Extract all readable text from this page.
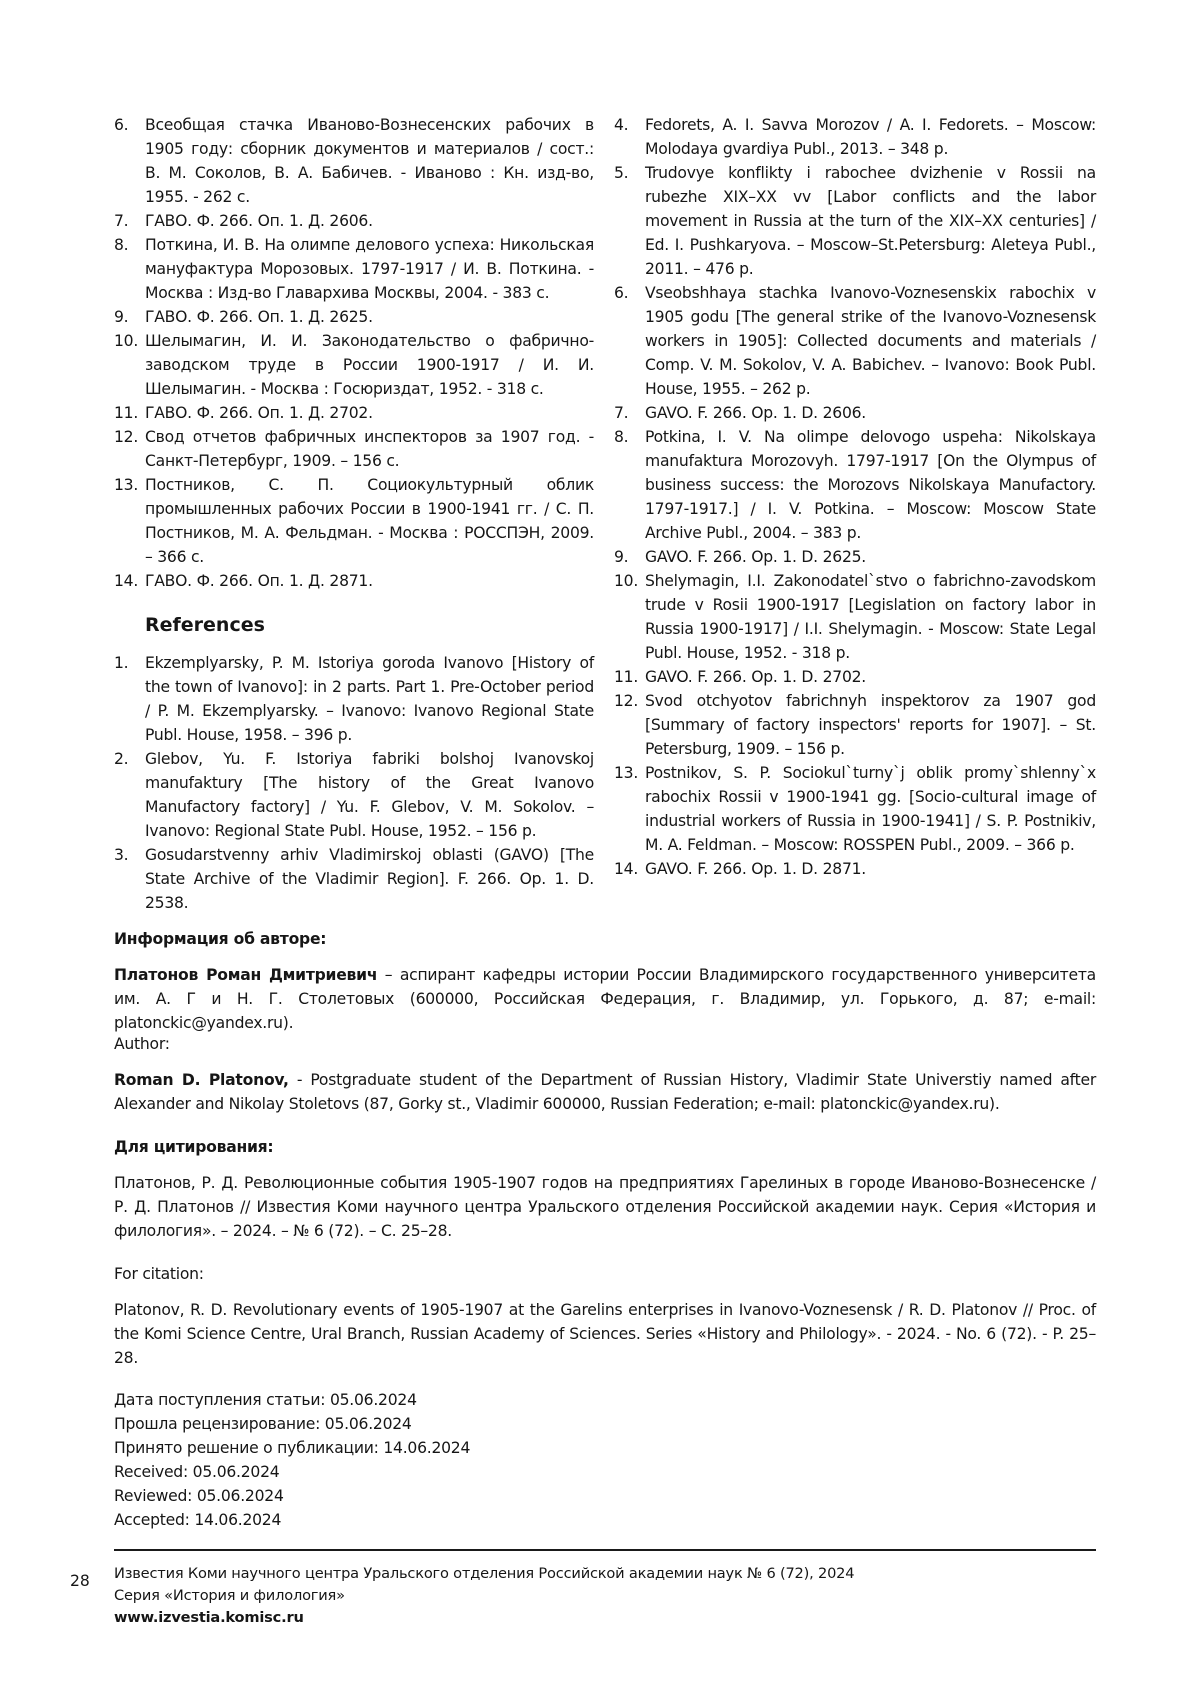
6.	Всеобщая стачка Иваново-Вознесенских рабочих в 1905 году: сборник документов и материалов / сост.: В. М. Соколов, В. А. Бабичев. - Иваново : Кн. изд-во, 1955. - 262 с.
7.	ГАВО. Ф. 266. Оп. 1. Д. 2606.
8.	Поткина, И. В. На олимпе делового успеха: Никольская мануфактура Морозовых. 1797-1917 / И. В. Поткина. - Москва : Изд-во Главархива Москвы, 2004. - 383 с.
9.	ГАВО. Ф. 266. Оп. 1. Д. 2625.
10. Шелымагин, И. И. Законодательство о фабрично-заводском труде в России 1900-1917 / И. И. Шелымагин. - Москва : Госюриздат, 1952. - 318 с.
11. ГАВО. Ф. 266. Оп. 1. Д. 2702.
12. Свод отчетов фабричных инспекторов за 1907 год. - Санкт-Петербург, 1909. – 156 с.
13. Постников, С. П. Социокультурный облик промышленных рабочих России в 1900-1941 гг. / С. П. Постников, М. А. Фельдман. - Москва : РОССПЭН, 2009. – 366 с.
14. ГАВО. Ф. 266. Оп. 1. Д. 2871.
References
1.	Ekzemplyarsky, P. M. Istoriya goroda Ivanovo [History of the town of Ivanovo]: in 2 parts. Part 1. Pre-October period / P. M. Ekzemplyarsky. – Ivanovo: Ivanovo Regional State Publ. House, 1958. – 396 p.
2.	Glebov, Yu. F. Istoriya fabriki bolshoj Ivanovskoj manufaktury [The history of the Great Ivanovo Manufactory factory] / Yu. F. Glebov, V. M. Sokolov. – Ivanovo: Regional State Publ. House, 1952. – 156 p.
3.	Gosudarstvenny arhiv Vladimirskoj oblasti (GAVO) [The State Archive of the Vladimir Region]. F. 266. Op. 1. D. 2538.
4.	Fedorets, A. I. Savva Morozov / A. I. Fedorets. – Moscow: Molodaya gvardiya Publ., 2013. – 348 p.
5.	Trudovye konflikty i rabochee dvizhenie v Rossii na rubezhe XIX–XX vv [Labor conflicts and the labor movement in Russia at the turn of the XIX–XX centuries] / Ed. I. Pushkaryova. – Moscow–St.Petersburg: Aleteya Publ., 2011. – 476 p.
6.	Vseobshhaya stachka Ivanovo-Voznesenskix rabochix v 1905 godu [The general strike of the Ivanovo-Voznesensk workers in 1905]: Collected documents and materials / Comp. V. M. Sokolov, V. A. Babichev. – Ivanovo: Book Publ. House, 1955. – 262 p.
7.	GAVO. F. 266. Op. 1. D. 2606.
8.	Potkina, I. V. Na olimpe delovogo uspeha: Nikolskaya manufaktura Morozovyh. 1797-1917 [On the Olympus of business success: the Morozovs Nikolskaya Manufactory. 1797-1917.] / I. V. Potkina. – Moscow: Moscow State Archive Publ., 2004. – 383 p.
9.	GAVO. F. 266. Op. 1. D. 2625.
10. Shelymagin, I.I. Zakonodatel`stvo o fabrichno-zavodskom trude v Rosii 1900-1917 [Legislation on factory labor in Russia 1900-1917] / I.I. Shelymagin. - Moscow: State Legal Publ. House, 1952. - 318 p.
11. GAVO. F. 266. Op. 1. D. 2702.
12. Svod otchyotov fabrichnyh inspektorov za 1907 god [Summary of factory inspectors' reports for 1907]. – St. Petersburg, 1909. – 156 p.
13. Postnikov, S. P. Sociokul`turny`j oblik promy`shlenny`x rabochix Rossii v 1900-1941 gg. [Socio-cultural image of industrial workers of Russia in 1900-1941] / S. P. Postnikiv, M. A. Feldman. – Moscow: ROSSPEN Publ., 2009. – 366 p.
14. GAVO. F. 266. Op. 1. D. 2871.
Информация об авторе:

Платонов Роман Дмитриевич – аспирант кафедры истории России Владимирского государственного университета им. А. Г и Н. Г. Столетовых (600000, Российская Федерация, г. Владимир, ул. Горького, д. 87; e-mail: platonckic@yandex.ru).

Author:

Roman D. Platonov, - Postgraduate student of the Department of Russian History, Vladimir State Universtiy named after Alexander and Nikolay Stoletovs (87, Gorky st., Vladimir 600000, Russian Federation; e-mail: platonckic@yandex.ru).

Для цитирования:

Платонов, Р. Д. Революционные события 1905-1907 годов на предприятиях Гарелиных в городе Иваново-Вознесенске / Р. Д. Платонов // Известия Коми научного центра Уральского отделения Российской академии наук. Серия «История и филология». – 2024. – № 6 (72). – С. 25–28.

For citation:

Platonov, R. D. Revolutionary events of 1905-1907 at the Garelins enterprises in Ivanovo-Voznesensk / R. D. Platonov // Proc. of the Komi Science Centre, Ural Branch, Russian Academy of Sciences. Series «History and Philology». - 2024. - No. 6 (72). - P. 25–28.

Дата поступления статьи: 05.06.2024
Прошла рецензирование: 05.06.2024
Принято решение о публикации: 14.06.2024
Received: 05.06.2024
Reviewed: 05.06.2024
Accepted: 14.06.2024
28 Известия Коми научного центра Уральского отделения Российской академии наук № 6 (72), 2024
Серия «История и филология»
www.izvestia.komisc.ru
